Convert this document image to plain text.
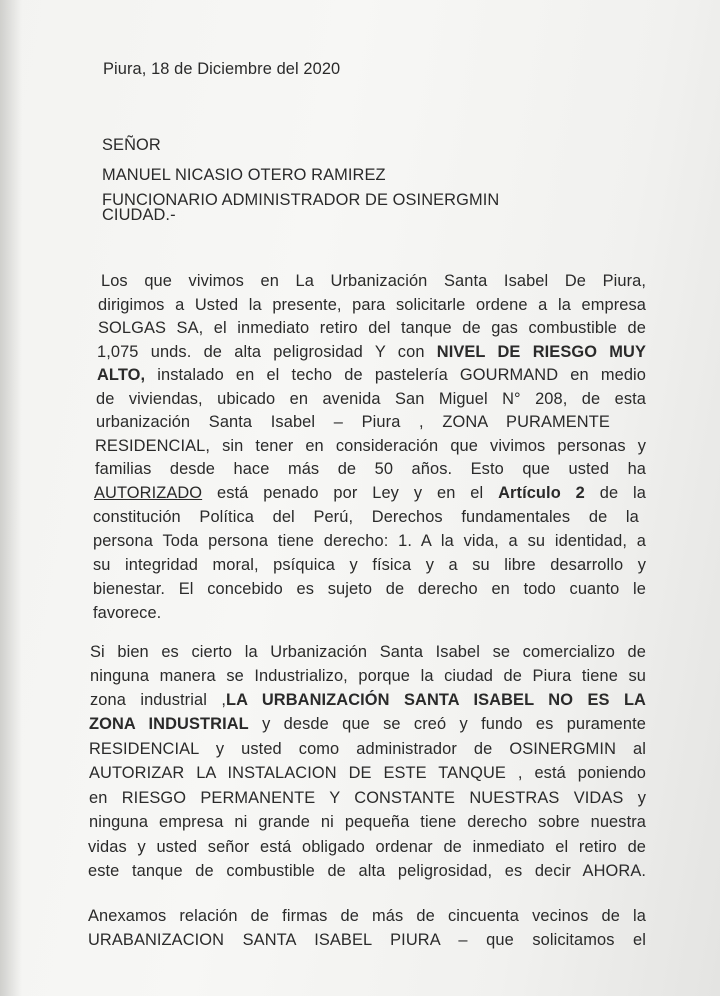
Piura, 18 de Diciembre del 2020
SEÑOR
MANUEL NICASIO OTERO RAMIREZ
FUNCIONARIO ADMINISTRADOR DE OSINERGMIN
CIUDAD.-
Los que vivimos en La Urbanización Santa Isabel De Piura,
dirigimos a Usted la presente, para solicitarle ordene a la empresa
SOLGAS SA, el inmediato retiro del tanque de gas combustible de
1,075 unds. de alta peligrosidad Y con NIVEL DE RIESGO MUY
ALTO, instalado en el techo de pastelería GOURMAND en medio
de viviendas, ubicado en avenida San Miguel N° 208, de esta
urbanización Santa Isabel – Piura , ZONA PURAMENTE
RESIDENCIAL, sin tener en consideración que vivimos personas y
familias desde hace más de 50 años. Esto que usted ha
AUTORIZADO está penado por Ley y en el Artículo 2 de la
constitución Política del Perú, Derechos fundamentales de la
persona Toda persona tiene derecho: 1. A la vida, a su identidad, a
su integridad moral, psíquica y física y a su libre desarrollo y
bienestar. El concebido es sujeto de derecho en todo cuanto le
favorece.
Si bien es cierto la Urbanización Santa Isabel se comercializo de
ninguna manera se Industrializo, porque la ciudad de Piura tiene su
zona industrial ,LA URBANIZACIÓN SANTA ISABEL NO ES LA
ZONA INDUSTRIAL y desde que se creó y fundo es puramente
RESIDENCIAL y usted como administrador de OSINERGMIN al
AUTORIZAR LA INSTALACION DE ESTE TANQUE , está poniendo
en RIESGO PERMANENTE Y CONSTANTE NUESTRAS VIDAS y
ninguna empresa ni grande ni pequeña tiene derecho sobre nuestra
vidas y usted señor está obligado ordenar de inmediato el retiro de
este tanque de combustible de alta peligrosidad, es decir AHORA.
Anexamos relación de firmas de más de cincuenta vecinos de la
URABANIZACION SANTA ISABEL PIURA – que solicitamos el
